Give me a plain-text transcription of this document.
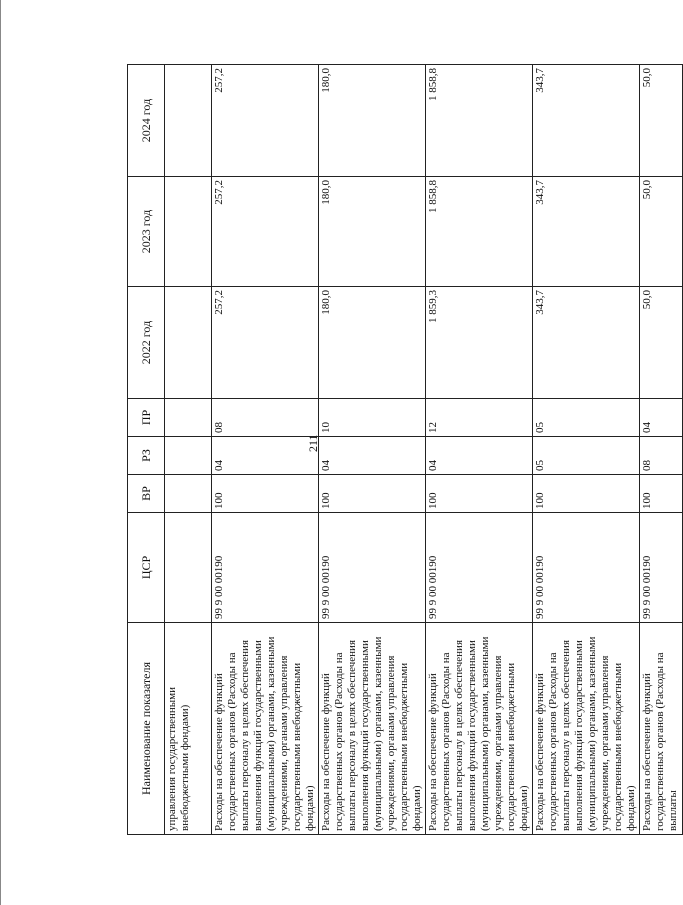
211
Наименование показателя	ЦСР	ВР	РЗ	ПР	2022 год	2023 год	2024 год
управления государственными внебюджетными фондами)							
Расходы на обеспечение функций государственных органов (Расходы на выплаты персоналу в целях обеспечения выполнения функций государственными (муниципальными) органами, казенными учреждениями, органами управления государственными внебюджетными фондами)	99 9 00 00190	100	04	08	257,2	257,2	257,2
Расходы на обеспечение функций государственных органов (Расходы на выплаты персоналу в целях обеспечения выполнения функций государственными (муниципальными) органами, казенными учреждениями, органами управления государственными внебюджетными фондами)	99 9 00 00190	100	04	10	180,0	180,0	180,0
Расходы на обеспечение функций государственных органов (Расходы на выплаты персоналу в целях обеспечения выполнения функций государственными (муниципальными) органами, казенными учреждениями, органами управления государственными внебюджетными фондами)	99 9 00 00190	100	04	12	1 859,3	1 858,8	1 858,8
Расходы на обеспечение функций государственных органов (Расходы на выплаты персоналу в целях обеспечения выполнения функций государственными (муниципальными) органами, казенными учреждениями, органами управления государственными внебюджетными фондами)	99 9 00 00190	100	05	05	343,7	343,7	343,7
Расходы на обеспечение функций государственных органов (Расходы на выплаты	99 9 00 00190	100	08	04	50,0	50,0	50,0
